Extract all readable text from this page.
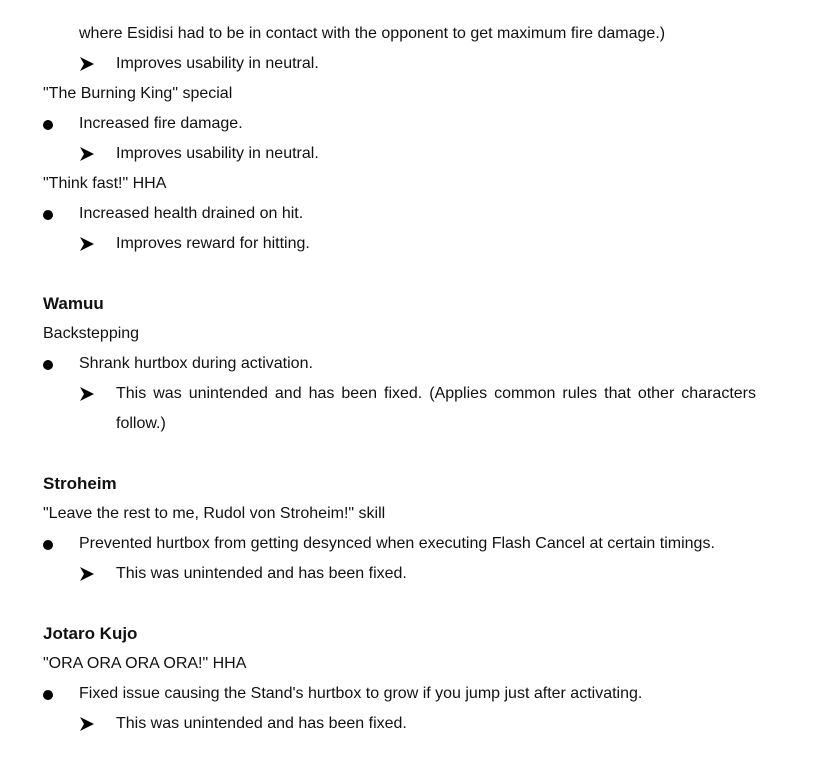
where Esidisi had to be in contact with the opponent to get maximum fire damage.)
Improves usability in neutral.
"The Burning King" special
Increased fire damage.
Improves usability in neutral.
"Think fast!" HHA
Increased health drained on hit.
Improves reward for hitting.
Wamuu
Backstepping
Shrank hurtbox during activation.
This was unintended and has been fixed. (Applies common rules that other characters
follow.)
Stroheim
"Leave the rest to me, Rudol von Stroheim!" skill
Prevented hurtbox from getting desynced when executing Flash Cancel at certain timings.
This was unintended and has been fixed.
Jotaro Kujo
"ORA ORA ORA ORA!" HHA
Fixed issue causing the Stand's hurtbox to grow if you jump just after activating.
This was unintended and has been fixed.
